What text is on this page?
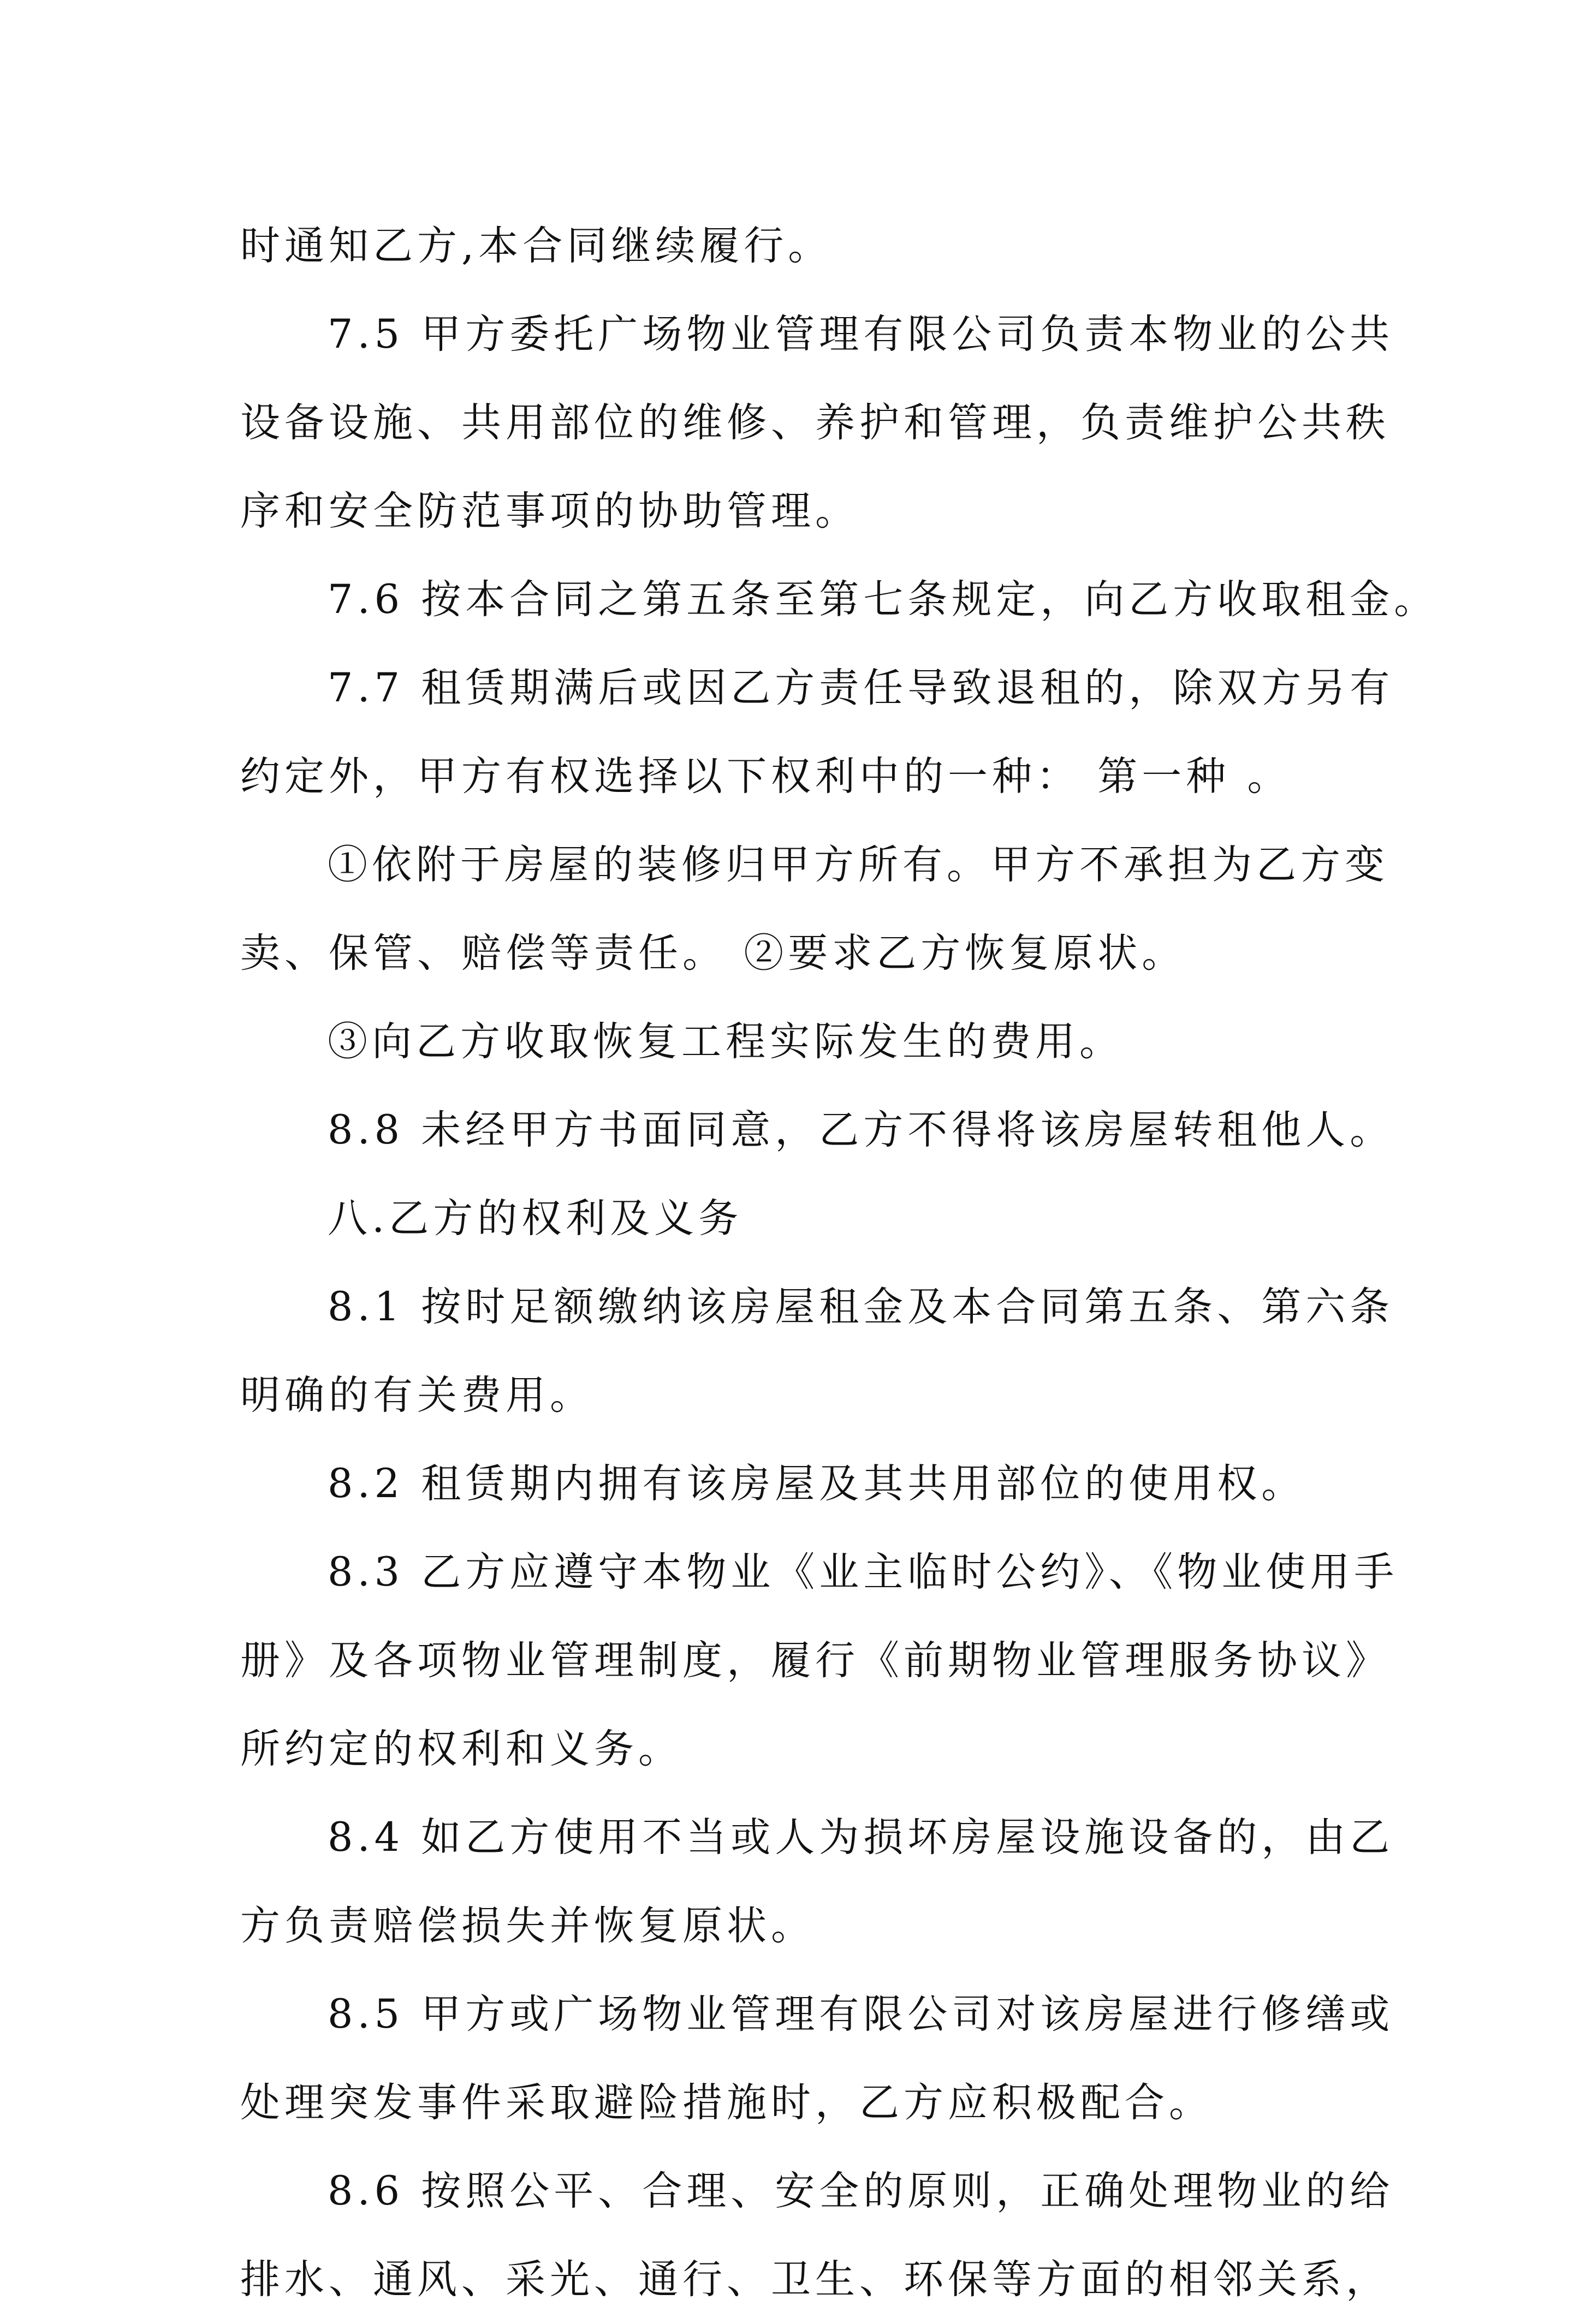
时通知乙方,本合同继续履行。
7.5 甲方委托广场物业管理有限公司负责本物业的公共
设备设施、共用部位的维修、养护和管理，负责维护公共秩
序和安全防范事项的协助管理。
7.6 按本合同之第五条至第七条规定，向乙方收取租金。
7.7 租赁期满后或因乙方责任导致退租的，除双方另有
约定外，甲方有权选择以下权利中的一种： 第一种 。
①依附于房屋的装修归甲方所有。甲方不承担为乙方变
卖、保管、赔偿等责任。 ②要求乙方恢复原状。
③向乙方收取恢复工程实际发生的费用。
8.8 未经甲方书面同意，乙方不得将该房屋转租他人。
八.乙方的权利及义务
8.1 按时足额缴纳该房屋租金及本合同第五条、第六条
明确的有关费用。
8.2 租赁期内拥有该房屋及其共用部位的使用权。
8.3 乙方应遵守本物业《业主临时公约》、《物业使用手
册》及各项物业管理制度，履行《前期物业管理服务协议》
所约定的权利和义务。
8.4 如乙方使用不当或人为损坏房屋设施设备的，由乙
方负责赔偿损失并恢复原状。
8.5 甲方或广场物业管理有限公司对该房屋进行修缮或
处理突发事件采取避险措施时，乙方应积极配合。
8.6 按照公平、合理、安全的原则，正确处理物业的给
排水、通风、采光、通行、卫生、环保等方面的相邻关系，
